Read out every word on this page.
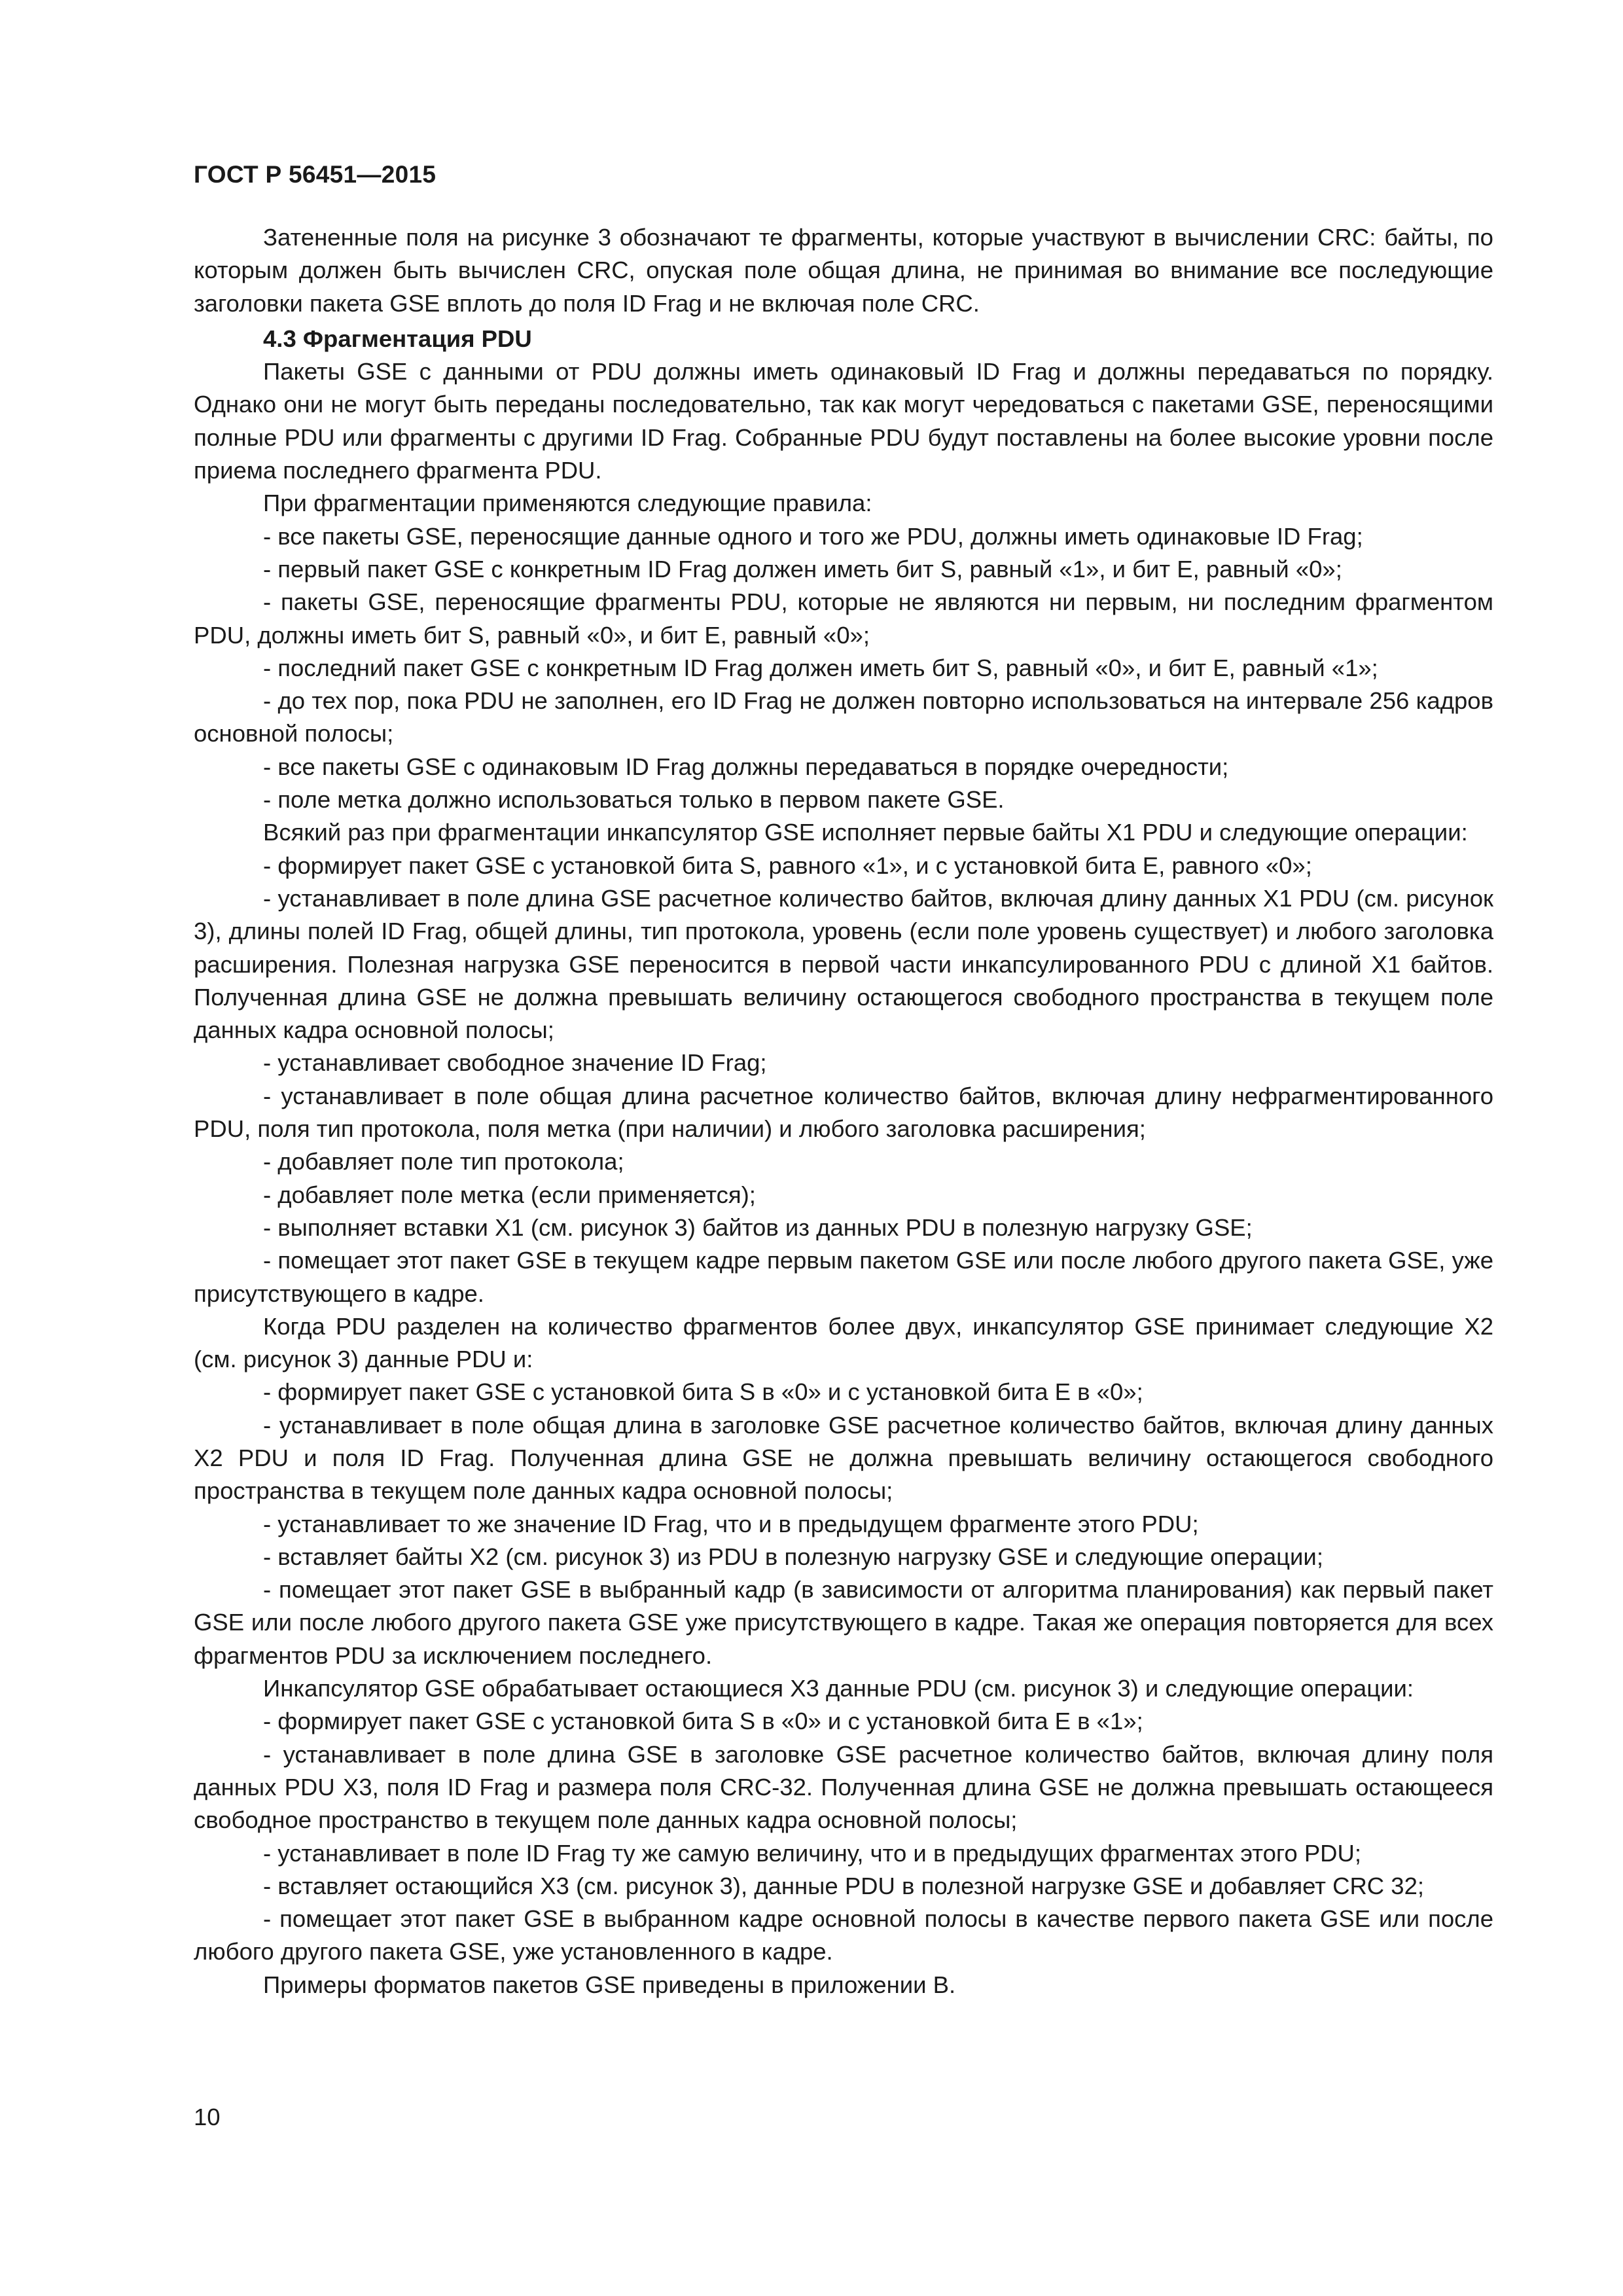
ГОСТ Р 56451—2015

Затененные поля на рисунке 3 обозначают те фрагменты, которые участвуют в вычислении CRC: байты, по которым должен быть вычислен CRC, опуская поле общая длина, не принимая во внимание все последующие заголовки пакета GSE вплоть до поля ID Frag и не включая поле CRC.

4.3 Фрагментация PDU

Пакеты GSE с данными от PDU должны иметь одинаковый ID Frag и должны передаваться по порядку. Однако они не могут быть переданы последовательно, так как могут чередоваться с пакетами GSE, переносящими полные PDU или фрагменты с другими ID Frag. Собранные PDU будут поставлены на более высокие уровни после приема последнего фрагмента PDU.

При фрагментации применяются следующие правила:

- все пакеты GSE, переносящие данные одного и того же PDU, должны иметь одинаковые ID Frag;

- первый пакет GSE с конкретным ID Frag должен иметь бит S, равный «1», и бит E, равный «0»;

- пакеты GSE, переносящие фрагменты PDU, которые не являются ни первым, ни последним фрагментом PDU, должны иметь бит S, равный «0», и бит E, равный «0»;

- последний пакет GSE с конкретным ID Frag должен иметь бит S, равный «0», и бит E, равный «1»;

- до тех пор, пока PDU не заполнен, его ID Frag не должен повторно использоваться на интервале 256 кадров основной полосы;

- все пакеты GSE с одинаковым ID Frag должны передаваться в порядке очередности;

- поле метка должно использоваться только в первом пакете GSE.

Всякий раз при фрагментации инкапсулятор GSE исполняет первые байты X1 PDU и следующие операции:

- формирует пакет GSE с установкой бита S, равного «1», и с установкой бита E, равного «0»;

- устанавливает в поле длина GSE расчетное количество байтов, включая длину данных X1 PDU (см. рисунок 3), длины полей ID Frag, общей длины, тип протокола, уровень (если поле уровень существует) и любого заголовка расширения. Полезная нагрузка GSE переносится в первой части инкапсулированного PDU с длиной X1 байтов. Полученная длина GSE не должна превышать величину остающегося свободного пространства в текущем поле данных кадра основной полосы;

- устанавливает свободное значение ID Frag;

- устанавливает в поле общая длина расчетное количество байтов, включая длину нефрагментированного PDU, поля тип протокола, поля метка (при наличии) и любого заголовка расширения;

- добавляет поле тип протокола;

- добавляет поле метка (если применяется);

- выполняет вставки X1 (см. рисунок 3) байтов из данных PDU в полезную нагрузку GSE;

- помещает этот пакет GSE в текущем кадре первым пакетом GSE или после любого другого пакета GSE, уже присутствующего в кадре.

Когда PDU разделен на количество фрагментов более двух, инкапсулятор GSE принимает следующие X2 (см. рисунок 3) данные PDU и:

- формирует пакет GSE с установкой бита S в «0» и с установкой бита E в «0»;

- устанавливает в поле общая длина в заголовке GSE расчетное количество байтов, включая длину данных X2 PDU и поля ID Frag. Полученная длина GSE не должна превышать величину остающегося свободного пространства в текущем поле данных кадра основной полосы;

- устанавливает то же значение ID Frag, что и в предыдущем фрагменте этого PDU;

- вставляет байты X2 (см. рисунок 3) из PDU в полезную нагрузку GSE и следующие операции;

- помещает этот пакет GSE в выбранный кадр (в зависимости от алгоритма планирования) как первый пакет GSE или после любого другого пакета GSE уже присутствующего в кадре. Такая же операция повторяется для всех фрагментов PDU за исключением последнего.

Инкапсулятор GSE обрабатывает остающиеся X3 данные PDU (см. рисунок 3) и следующие операции:

- формирует пакет GSE с установкой бита S в «0» и с установкой бита E в «1»;

- устанавливает в поле длина GSE в заголовке GSE расчетное количество байтов, включая длину поля данных PDU X3, поля ID Frag и размера поля CRC-32. Полученная длина GSE не должна превышать остающееся свободное пространство в текущем поле данных кадра основной полосы;

- устанавливает в поле ID Frag ту же самую величину, что и в предыдущих фрагментах этого PDU;

- вставляет остающийся X3 (см. рисунок 3), данные PDU в полезной нагрузке GSE и добавляет CRC 32;

- помещает этот пакет GSE в выбранном кадре основной полосы в качестве первого пакета GSE или после любого другого пакета GSE, уже установленного в кадре.

Примеры форматов пакетов GSE приведены в приложении B.

10
